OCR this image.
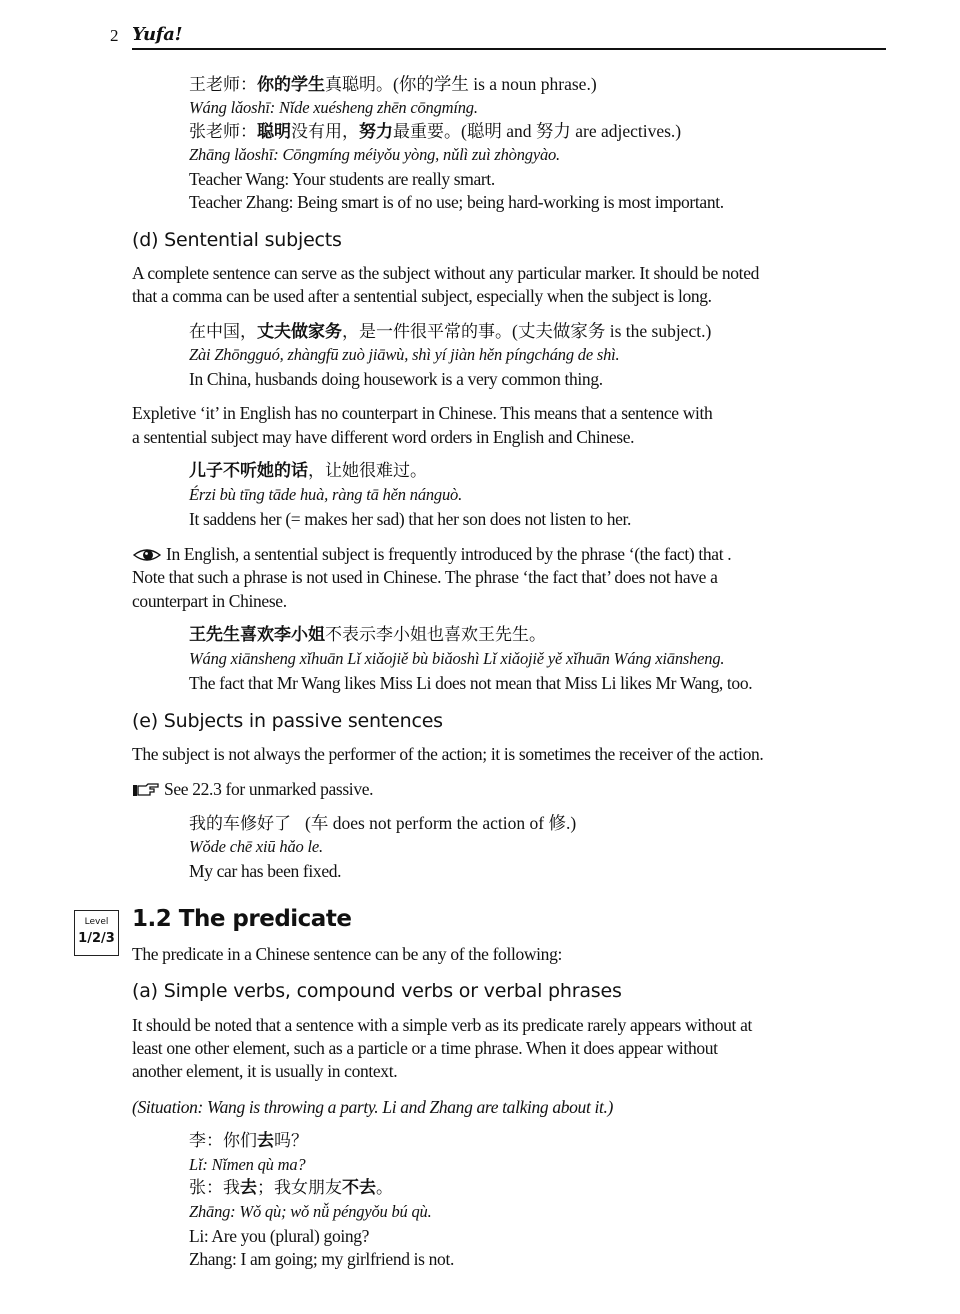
2 Yufa!
王老师：你的学生真聪明。(你的学生 is a noun phrase.)
Wáng lǎoshī: Nǐde xuésheng zhēn cōngmíng.
张老师：聪明没有用，努力最重要。(聪明 and 努力 are adjectives.)
Zhāng lǎoshī: Cōngmíng méiyǒu yòng, nǔlì zuì zhòngyào.
Teacher Wang: Your students are really smart.
Teacher Zhang: Being smart is of no use; being hard-working is most important.
(d) Sentential subjects
A complete sentence can serve as the subject without any particular marker. It should be noted
that a comma can be used after a sentential subject, especially when the subject is long.
在中国，丈夫做家务，是一件很平常的事。(丈夫做家务 is the subject.)
Zài Zhōngguó, zhàngfū zuò jiāwù, shì yí jiàn hěn píngcháng de shì.
In China, husbands doing housework is a very common thing.
Expletive ‘it’ in English has no counterpart in Chinese. This means that a sentence with
a sentential subject may have different word orders in English and Chinese.
儿子不听她的话，让她很难过。
Érzi bù tīng tāde huà, ràng tā hěn nánguò.
It saddens her (= makes her sad) that her son does not listen to her.
In English, a sentential subject is frequently introduced by the phrase ‘(the fact) that .
Note that such a phrase is not used in Chinese. The phrase ‘the fact that’ does not have a
counterpart in Chinese.
王先生喜欢李小姐不表示李小姐也喜欢王先生。
Wáng xiānsheng xǐhuān Lǐ xiǎojiě bù biǎoshì Lǐ xiǎojiě yě xǐhuān Wáng xiānsheng.
The fact that Mr Wang likes Miss Li does not mean that Miss Li likes Mr Wang, too.
(e) Subjects in passive sentences
The subject is not always the performer of the action; it is sometimes the receiver of the action.
See 22.3 for unmarked passive.
我的车修好了 (车 does not perform the action of 修.)
Wǒde chē xiū hǎo le.
My car has been fixed.
Level
1/2/3
1.2 The predicate
The predicate in a Chinese sentence can be any of the following:
(a) Simple verbs, compound verbs or verbal phrases
It should be noted that a sentence with a simple verb as its predicate rarely appears without at
least one other element, such as a particle or a time phrase. When it does appear without
another element, it is usually in context.
(Situation: Wang is throwing a party. Li and Zhang are talking about it.)
李：你们去吗？
Lǐ: Nǐmen qù ma?
张：我去；我女朋友不去。
Zhāng: Wǒ qù; wǒ nǚ péngyǒu bú qù.
Li: Are you (plural) going?
Zhang: I am going; my girlfriend is not.
